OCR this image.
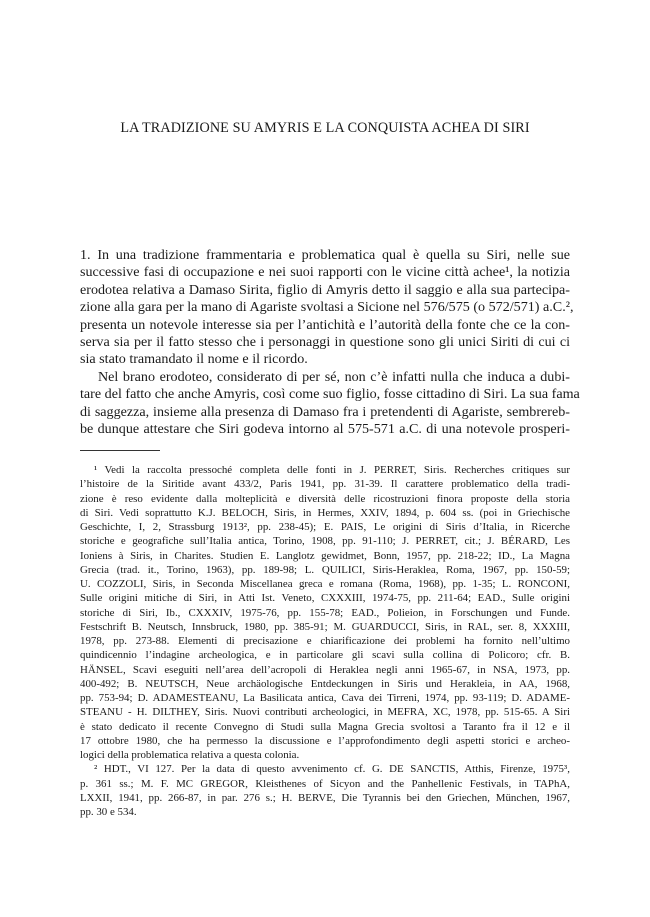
LA TRADIZIONE SU AMYRIS E LA CONQUISTA ACHEA DI SIRI
1. In una tradizione frammentaria e problematica qual è quella su Siri, nelle sue
successive fasi di occupazione e nei suoi rapporti con le vicine città achee¹, la notizia
erodotea relativa a Damaso Sirita, figlio di Amyris detto il saggio e alla sua partecipa-
zione alla gara per la mano di Agariste svoltasi a Sicione nel 576/575 (o 572/571) a.C.²,
presenta un notevole interesse sia per l’antichità e l’autorità della fonte che ce la con-
serva sia per il fatto stesso che i personaggi in questione sono gli unici Siriti di cui ci
sia stato tramandato il nome e il ricordo.
Nel brano erodoteo, considerato di per sé, non c’è infatti nulla che induca a dubi-
tare del fatto che anche Amyris, così come suo figlio, fosse cittadino di Siri. La sua fama
di saggezza, insieme alla presenza di Damaso fra i pretendenti di Agariste, sembrereb-
be dunque attestare che Siri godeva intorno al 575-571 a.C. di una notevole prosperi-
¹ Vedi la raccolta pressoché completa delle fonti in J. PERRET, Siris. Recherches critiques sur
l’histoire de la Siritide avant 433/2, Paris 1941, pp. 31-39. Il carattere problematico della tradi-
zione è reso evidente dalla molteplicità e diversità delle ricostruzioni finora proposte della storia
di Siri. Vedi soprattutto K.J. BELOCH, Siris, in Hermes, XXIV, 1894, p. 604 ss. (poi in Griechische
Geschichte, I, 2, Strassburg 1913², pp. 238-45); E. PAIS, Le origini di Siris d’Italia, in Ricerche
storiche e geografiche sull’Italia antica, Torino, 1908, pp. 91-110; J. PERRET, cit.; J. BÉRARD, Les
Ioniens à Siris, in Charites. Studien E. Langlotz gewidmet, Bonn, 1957, pp. 218-22; ID., La Magna
Grecia (trad. it., Torino, 1963), pp. 189-98; L. QUILICI, Siris-Heraklea, Roma, 1967, pp. 150-59;
U. COZZOLI, Siris, in Seconda Miscellanea greca e romana (Roma, 1968), pp. 1-35; L. RONCONI,
Sulle origini mitiche di Siri, in Atti Ist. Veneto, CXXXIII, 1974-75, pp. 211-64; EAD., Sulle origini
storiche di Siri, Ib., CXXXIV, 1975-76, pp. 155-78; EAD., Polieion, in Forschungen und Funde.
Festschrift B. Neutsch, Innsbruck, 1980, pp. 385-91; M. GUARDUCCI, Siris, in RAL, ser. 8, XXXIII,
1978, pp. 273-88. Elementi di precisazione e chiarificazione dei problemi ha fornito nell’ultimo
quindicennio l’indagine archeologica, e in particolare gli scavi sulla collina di Policoro; cfr. B.
HÄNSEL, Scavi eseguiti nell’area dell’acropoli di Heraklea negli anni 1965-67, in NSA, 1973, pp.
400-492; B. NEUTSCH, Neue archäologische Entdeckungen in Siris und Herakleia, in AA, 1968,
pp. 753-94; D. ADAMESTEANU, La Basilicata antica, Cava dei Tirreni, 1974, pp. 93-119; D. ADAME-
STEANU - H. DILTHEY, Siris. Nuovi contributi archeologici, in MEFRA, XC, 1978, pp. 515-65. A Siri
è stato dedicato il recente Convegno di Studi sulla Magna Grecia svoltosi a Taranto fra il 12 e il
17 ottobre 1980, che ha permesso la discussione e l’approfondimento degli aspetti storici e archeo-
logici della problematica relativa a questa colonia.
² HDT., VI 127. Per la data di questo avvenimento cf. G. DE SANCTIS, Atthis, Firenze, 1975³,
p. 361 ss.; M. F. MC GREGOR, Kleisthenes of Sicyon and the Panhellenic Festivals, in TAPhA,
LXXII, 1941, pp. 266-87, in par. 276 s.; H. BERVE, Die Tyrannis bei den Griechen, München, 1967,
pp. 30 e 534.
